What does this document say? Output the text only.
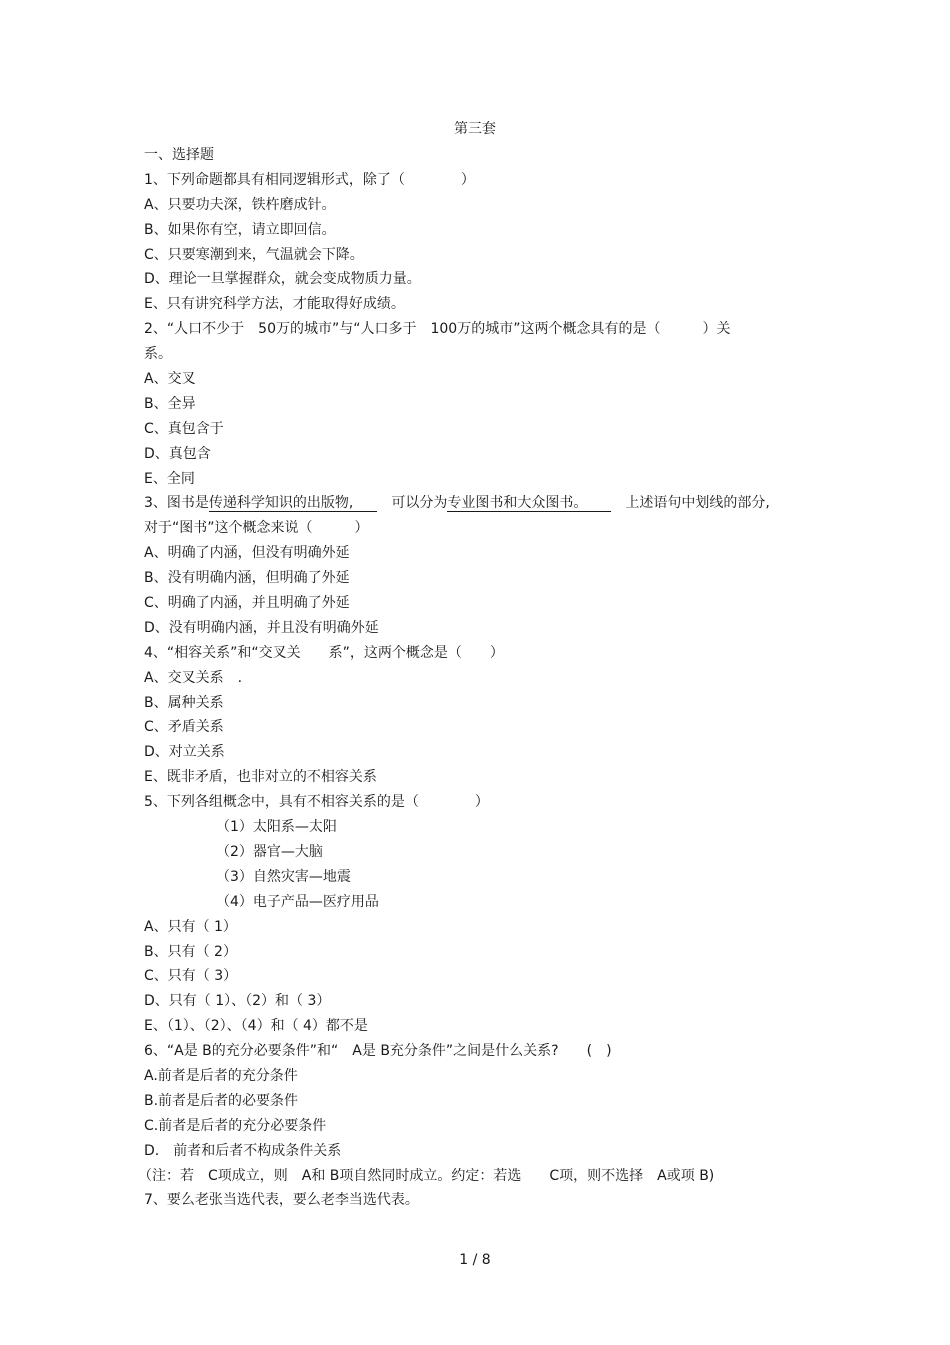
第三套
一、选择题
1、下列命题都具有相同逻辑形式，除了（　　　　）
A、只要功夫深，铁杵磨成针。
B、如果你有空，请立即回信。
C、只要寒潮到来，气温就会下降。
D、理论一旦掌握群众，就会变成物质力量。
E、只有讲究科学方法，才能取得好成绩。
2、“人口不少于　50万的城市”与“人口多于　100万的城市”这两个概念具有的是（　　　）关
系。
A、交叉
B、全异
C、真包含于
D、真包含
E、全同
3、图书是传递科学知识的出版物,　可以分为专业图书和大众图书。　上述语句中划线的部分,
对于“图书”这个概念来说（　　　）
A、明确了内涵，但没有明确外延
B、没有明确内涵，但明确了外延
C、明确了内涵，并且明确了外延
D、没有明确内涵，并且没有明确外延
4、“相容关系”和“交叉关　　系”，这两个概念是（　　）
A、交叉关系　.
B、属种关系
C、矛盾关系
D、对立关系
E、既非矛盾，也非对立的不相容关系
5、下列各组概念中，具有不相容关系的是（　　　　）
（1）太阳系—太阳
（2）器官—大脑
（3）自然灾害—地震
（4）电子产品—医疗用品
A、只有（ 1）
B、只有（ 2）
C、只有（ 3）
D、只有（ 1）、（2）和（ 3）
E、（1）、（2）、（4）和（ 4）都不是
6、“A是 B的充分必要条件”和“　A是 B充分条件”之间是什么关系?　　(　)
A.前者是后者的充分条件
B.前者是后者的必要条件
C.前者是后者的充分必要条件
D.　前者和后者不构成条件关系
（注：若　C项成立，则　A和 B项自然同时成立。约定：若选　　C项，则不选择　A或项 B)
7、要么老张当选代表，要么老李当选代表。
1 / 8
